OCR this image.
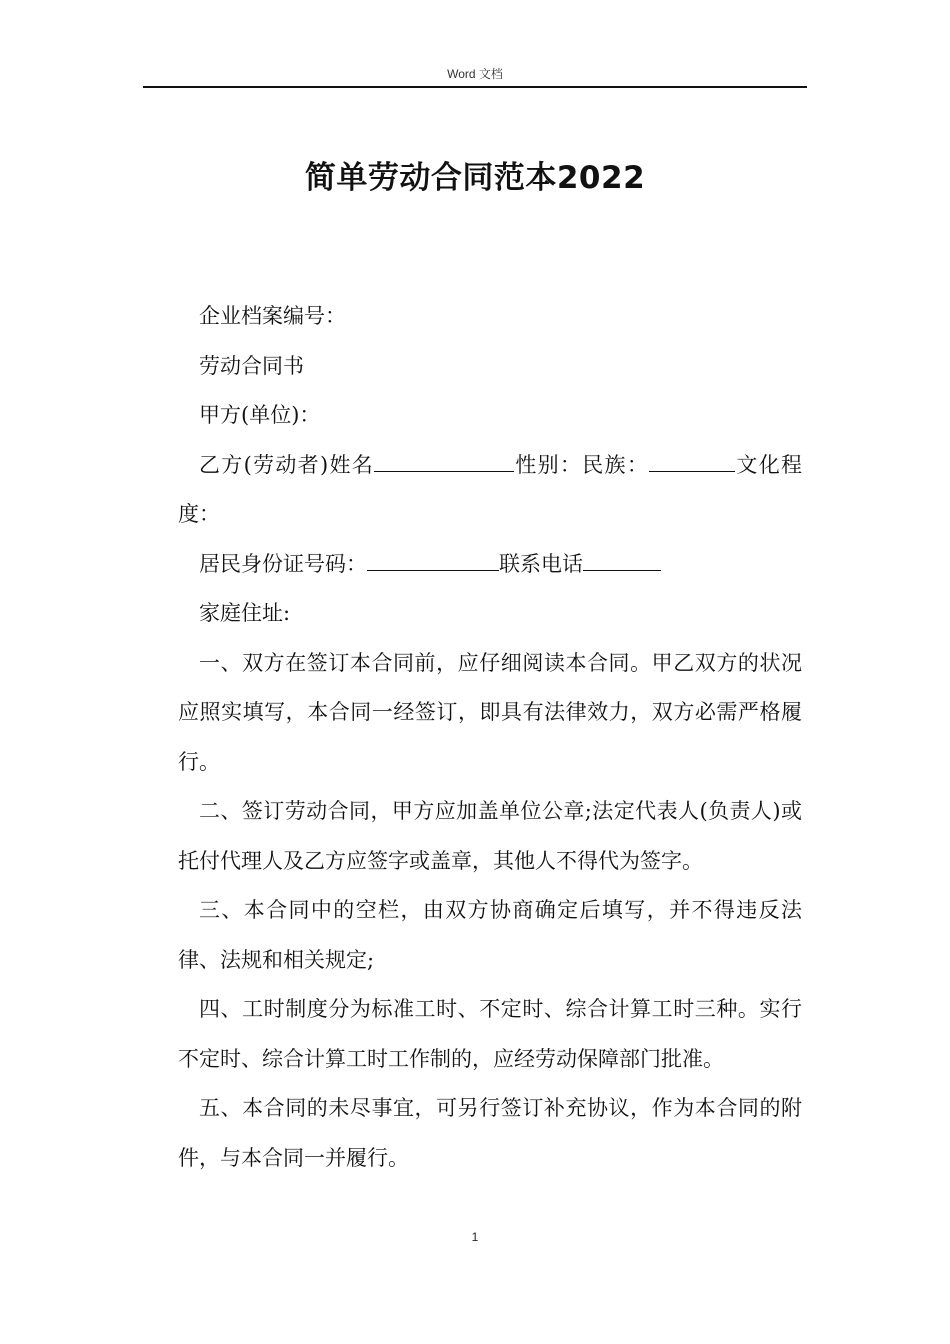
Word 文档
简单劳动合同范本2022

企业档案编号：

劳动合同书

甲方(单位)：

乙方(劳动者)姓名	性别：民族：	文化程度：

居民身份证号码：	联系电话

家庭住址:

一、双方在签订本合同前，应仔细阅读本合同。甲乙双方的状况应照实填写，本合同一经签订，即具有法律效力，双方必需严格履行。

二、签订劳动合同，甲方应加盖单位公章;法定代表人(负责人)或托付代理人及乙方应签字或盖章，其他人不得代为签字。

三、本合同中的空栏，由双方协商确定后填写，并不得违反法律、法规和相关规定;

四、工时制度分为标准工时、不定时、综合计算工时三种。实行不定时、综合计算工时工作制的，应经劳动保障部门批准。

五、本合同的未尽事宜，可另行签订补充协议，作为本合同的附件，与本合同一并履行。

1
